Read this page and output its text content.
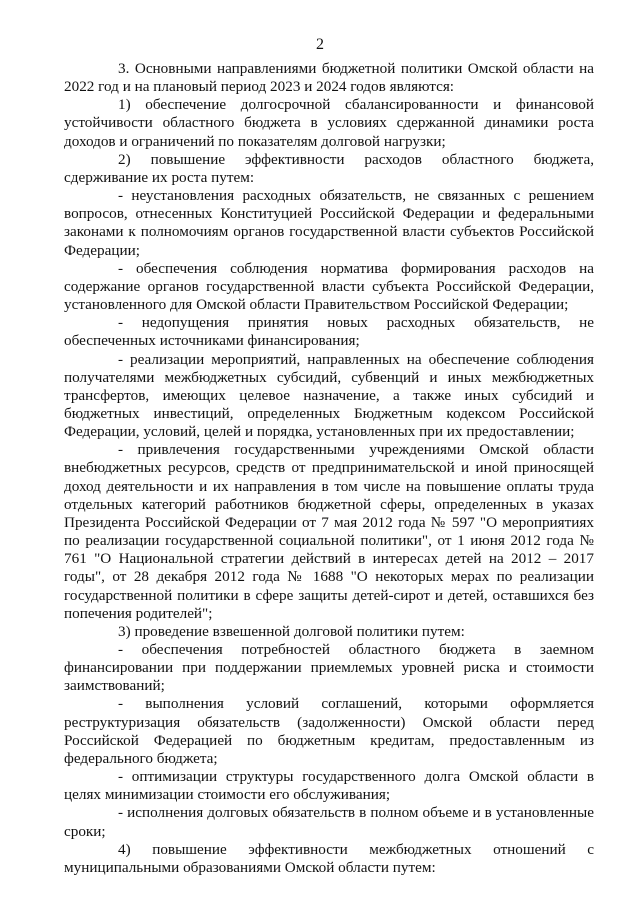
2

3. Основными направлениями бюджетной политики Омской области на 2022 год и на плановый период 2023 и 2024 годов являются:

1) обеспечение долгосрочной сбалансированности и финансовой устойчивости областного бюджета в условиях сдержанной динамики роста доходов и ограничений по показателям долговой нагрузки;

2) повышение эффективности расходов областного бюджета, сдерживание их роста путем:

- неустановления расходных обязательств, не связанных с решением вопросов, отнесенных Конституцией Российской Федерации и федеральными законами к полномочиям органов государственной власти субъектов Российской Федерации;

- обеспечения соблюдения норматива формирования расходов на содержание органов государственной власти субъекта Российской Федерации, установленного для Омской области Правительством Российской Федерации;

- недопущения принятия новых расходных обязательств, не обеспеченных источниками финансирования;

- реализации мероприятий, направленных на обеспечение соблюдения получателями межбюджетных субсидий, субвенций и иных межбюджетных трансфертов, имеющих целевое назначение, а также иных субсидий и бюджетных инвестиций, определенных Бюджетным кодексом Российской Федерации, условий, целей и порядка, установленных при их предоставлении;

- привлечения государственными учреждениями Омской области внебюджетных ресурсов, средств от предпринимательской и иной приносящей доход деятельности и их направления в том числе на повышение оплаты труда отдельных категорий работников бюджетной сферы, определенных в указах Президента Российской Федерации от 7 мая 2012 года № 597 "О мероприятиях по реализации государственной социальной политики", от 1 июня 2012 года № 761 "О Национальной стратегии действий в интересах детей на 2012 – 2017 годы", от 28 декабря 2012 года № 1688 "О некоторых мерах по реализации государственной политики в сфере защиты детей-сирот и детей, оставшихся без попечения родителей";

3) проведение взвешенной долговой политики путем:

- обеспечения потребностей областного бюджета в заемном финансировании при поддержании приемлемых уровней риска и стоимости заимствований;

- выполнения условий соглашений, которыми оформляется реструктуризация обязательств (задолженности) Омской области перед Российской Федерацией по бюджетным кредитам, предоставленным из федерального бюджета;

- оптимизации структуры государственного долга Омской области в целях минимизации стоимости его обслуживания;

- исполнения долговых обязательств в полном объеме и в установленные сроки;

4) повышение эффективности межбюджетных отношений с муниципальными образованиями Омской области путем:
